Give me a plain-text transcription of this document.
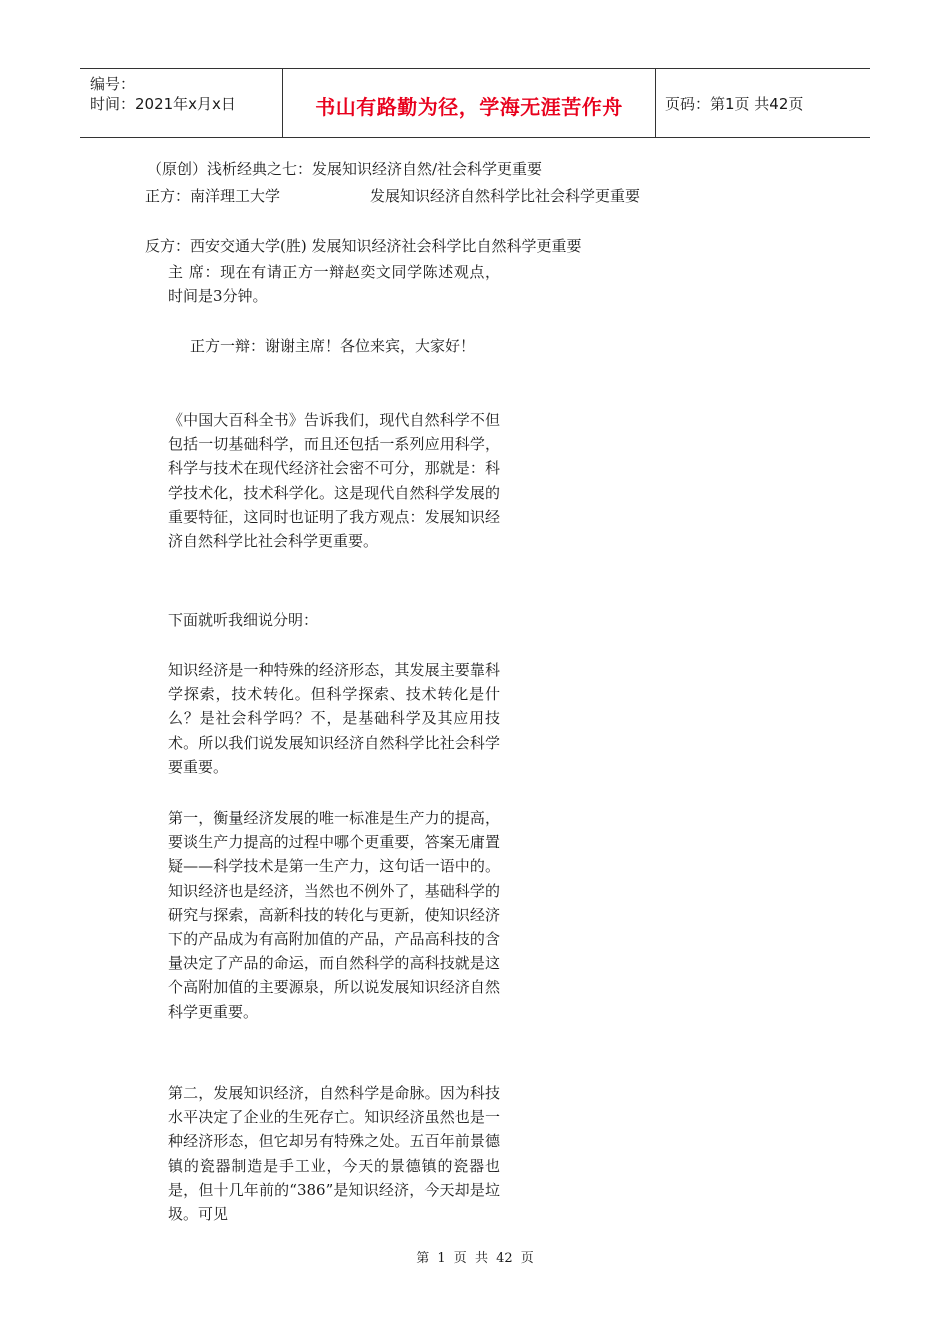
编号：
时间：2021年x月x日	书山有路勤为径，学海无涯苦作舟	页码：第1页 共42页
（原创）浅析经典之七：发展知识经济自然/社会科学更重要
正方：南洋理工大学	发展知识经济自然科学比社会科学更重要
反方：西安交通大学(胜) 发展知识经济社会科学比自然科学更重要
主 席：现在有请正方一辩赵奕文同学陈述观点，时间是3分钟。
正方一辩：谢谢主席！各位来宾，大家好！
《中国大百科全书》告诉我们，现代自然科学不但包括一切基础科学，而且还包括一系列应用科学，科学与技术在现代经济社会密不可分，那就是：科学技术化，技术科学化。这是现代自然科学发展的重要特征，这同时也证明了我方观点：发展知识经济自然科学比社会科学更重要。
下面就听我细说分明：
知识经济是一种特殊的经济形态，其发展主要靠科学探索，技术转化。但科学探索、技术转化是什么？是社会科学吗？不，是基础科学及其应用技术。所以我们说发展知识经济自然科学比社会科学要重要。
第一，衡量经济发展的唯一标准是生产力的提高，要谈生产力提高的过程中哪个更重要，答案无庸置疑——科学技术是第一生产力，这句话一语中的。知识经济也是经济，当然也不例外了，基础科学的研究与探索，高新科技的转化与更新，使知识经济下的产品成为有高附加值的产品，产品高科技的含量决定了产品的命运，而自然科学的高科技就是这个高附加值的主要源泉，所以说发展知识经济自然科学更重要。
第二，发展知识经济，自然科学是命脉。因为科技水平决定了企业的生死存亡。知识经济虽然也是一种经济形态，但它却另有特殊之处。五百年前景德镇的瓷器制造是手工业，今天的景德镇的瓷器也是，但十几年前的“386”是知识经济，今天却是垃圾。可见
第 1 页 共 42 页
